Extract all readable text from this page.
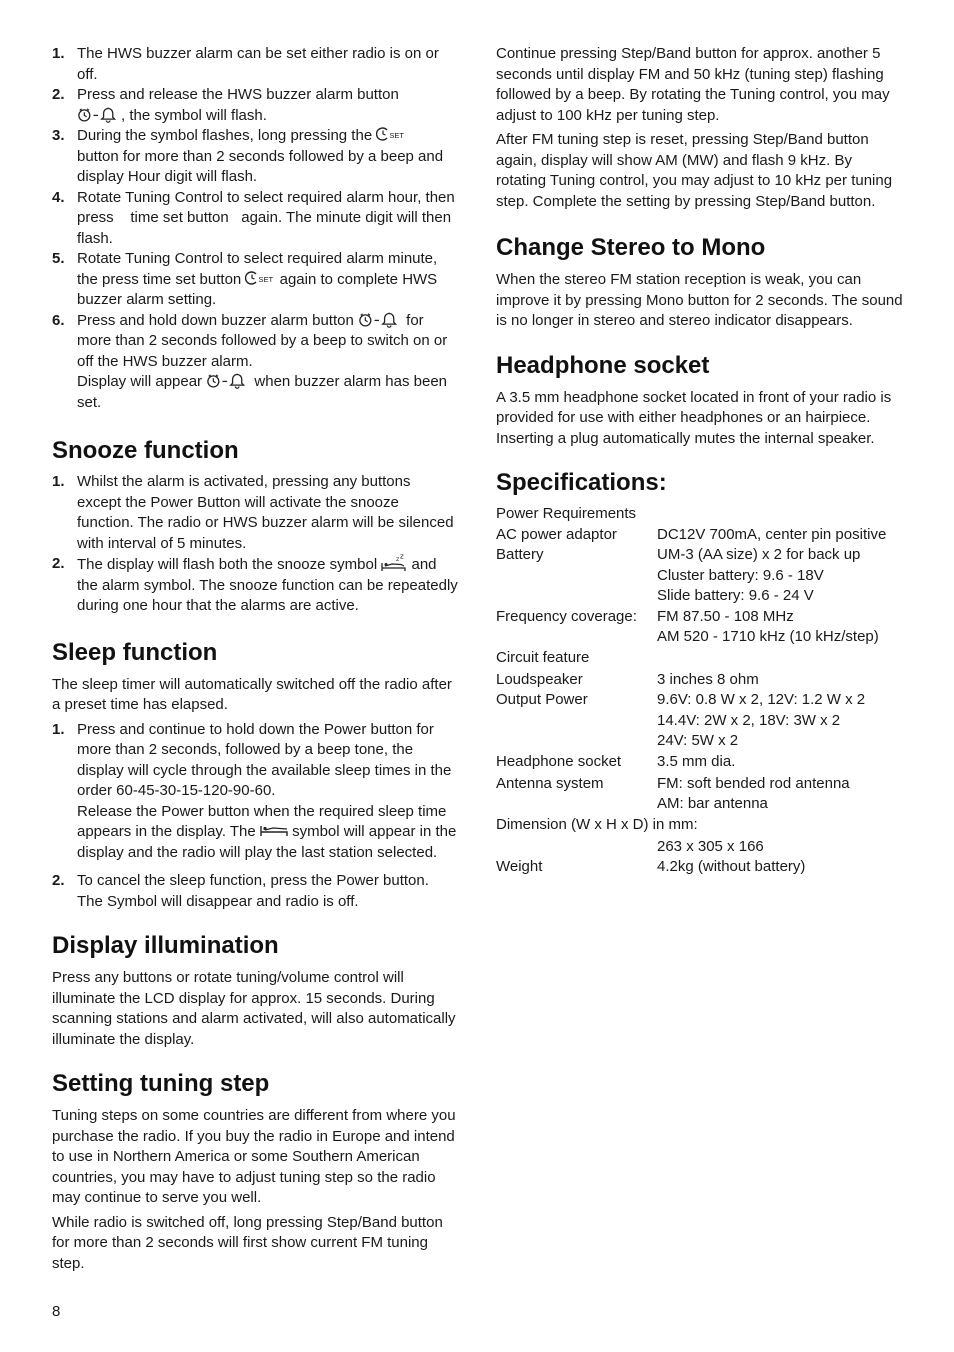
1. The HWS buzzer alarm can be set either radio is on or off.
2. Press and release the HWS buzzer alarm button
, the symbol will flash.
3. During the symbol flashes, long pressing the SET

button for more than 2 seconds followed by a beep and display Hour digit will flash.
4. Rotate Tuning Control to select required alarm hour, then press    time set button   again. The minute digit will then flash.
5. Rotate Tuning Control to select required alarm minute, the press time set button SET again to complete HWS buzzer alarm setting.
6. Press and hold down buzzer alarm button	for more than 2 seconds followed by a beep to switch on or off the HWS buzzer alarm.
Display will appear	when buzzer alarm has been set.
Snooze function
1. Whilst the alarm is activated, pressing any buttons except the Power Button will activate the snooze function. The radio or HWS buzzer alarm will be silenced with interval of 5 minutes.
2. The display will flash both the snooze symbol and the alarm symbol. The snooze function can be repeatedly during one hour that the alarms are active.
Sleep function

The sleep timer will automatically switched off the radio after a preset time has elapsed.

1. Press and continue to hold down the Power button for more than 2 seconds, followed by a beep tone, the display will cycle through the available sleep times in the order 60-45-30-15-120-90-60.
Release the Power button when the required sleep time appears in the display. The symbol will appear in the display and the radio will play the last station selected.
2. To cancel the sleep function, press the Power button. The Symbol will disappear and radio is off.
Display illumination

Press any buttons or rotate tuning/volume control will illuminate the LCD display for approx. 15 seconds. During scanning stations and alarm activated, will also automatically illuminate the display.

Setting tuning step

Tuning steps on some countries are different from where you purchase the radio. If you buy the radio in Europe and intend to use in Northern America or some Southern American countries, you may have to adjust tuning step so the radio may continue to serve you well.

While radio is switched off, long pressing Step/Band button for more than 2 seconds will first show current FM tuning step.

Continue pressing Step/Band button for approx. another 5 seconds until display FM and 50 kHz (tuning step) flashing followed by a beep. By rotating the Tuning control, you may adjust to 100 kHz per tuning step.

After FM tuning step is reset, pressing Step/Band button again, display will show AM (MW) and flash 9 kHz. By rotating Tuning control, you may adjust to 10 kHz per tuning step. Complete the setting by pressing Step/Band button.

Change Stereo to Mono

When the stereo FM station reception is weak, you can improve it by pressing Mono button for 2 seconds. The sound is no longer in stereo and stereo indicator disappears.

Headphone socket

A 3.5 mm headphone socket located in front of your radio is provided for use with either headphones or an hairpiece. Inserting a plug automatically mutes the internal speaker.

Specifications:
Power Requirements	
AC power adaptor	DC12V 700mA, center pin positive
Battery	UM-3 (AA size) x 2 for back up
	Cluster battery: 9.6 - 18V
	Slide battery: 9.6 - 24 V
Frequency coverage:	FM 87.50 - 108 MHz
	AM 520 - 1710 kHz (10 kHz/step)
Circuit feature	
Loudspeaker	3 inches 8 ohm
Output Power	9.6V: 0.8 W x 2, 12V: 1.2 W x 2
	14.4V: 2W x 2, 18V: 3W x 2
	24V: 5W x 2
Headphone socket	3.5 mm dia.
Antenna system	FM: soft bended rod antenna
	AM: bar antenna
Dimension (W x H x D) in mm:	
	263 x 305 x 166
Weight	4.2kg (without battery)
8
